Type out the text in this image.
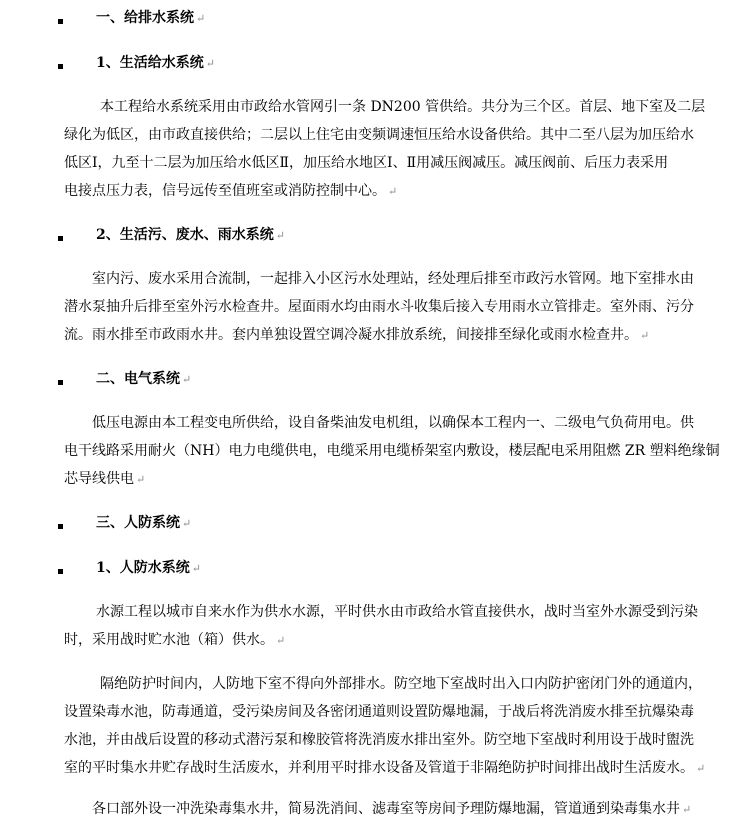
一、给排水系统 ↵
1、生活给水系统 ↵
本工程给水系统采用由市政给水管网引一条 DN200 管供给。共分为三个区。首层、地下室及二层
绿化为低区，由市政直接供给；二层以上住宅由变频调速恒压给水设备供给。其中二至八层为加压给水
低区Ⅰ，九至十二层为加压给水低区Ⅱ，加压给水地区Ⅰ、Ⅱ用减压阀减压。减压阀前、后压力表采用
电接点压力表，信号远传至值班室或消防控制中心。 ↵
2、生活污、废水、雨水系统 ↵
室内污、废水采用合流制，一起排入小区污水处理站，经处理后排至市政污水管网。地下室排水由
潜水泵抽升后排至室外污水检查井。屋面雨水均由雨水斗收集后接入专用雨水立管排走。室外雨、污分
流。雨水排至市政雨水井。套内单独设置空调冷凝水排放系统，间接排至绿化或雨水检查井。 ↵
二、电气系统 ↵
低压电源由本工程变电所供给，设自备柴油发电机组，以确保本工程内一、二级电气负荷用电。供
电干线路采用耐火（NH）电力电缆供电，电缆采用电缆桥架室内敷设，楼层配电采用阻燃 ZR 塑料绝缘铜
芯导线供电 ↵
三、人防系统 ↵
1、人防水系统 ↵
水源工程以城市自来水作为供水水源，平时供水由市政给水管直接供水，战时当室外水源受到污染
时，采用战时贮水池（箱）供水。 ↵
隔绝防护时间内，人防地下室不得向外部排水。防空地下室战时出入口内防护密闭门外的通道内，
设置染毒水池，防毒通道，受污染房间及各密闭通道则设置防爆地漏，于战后将洗消废水排至抗爆染毒
水池，并由战后设置的移动式潜污泵和橡胶管将洗消废水排出室外。防空地下室战时利用设于战时盥洗
室的平时集水井贮存战时生活废水，并利用平时排水设备及管道于非隔绝防护时间排出战时生活废水。 ↵
各口部外设一冲洗染毒集水井，简易洗消间、滤毒室等房间予理防爆地漏，管道通到染毒集水井 ↵
